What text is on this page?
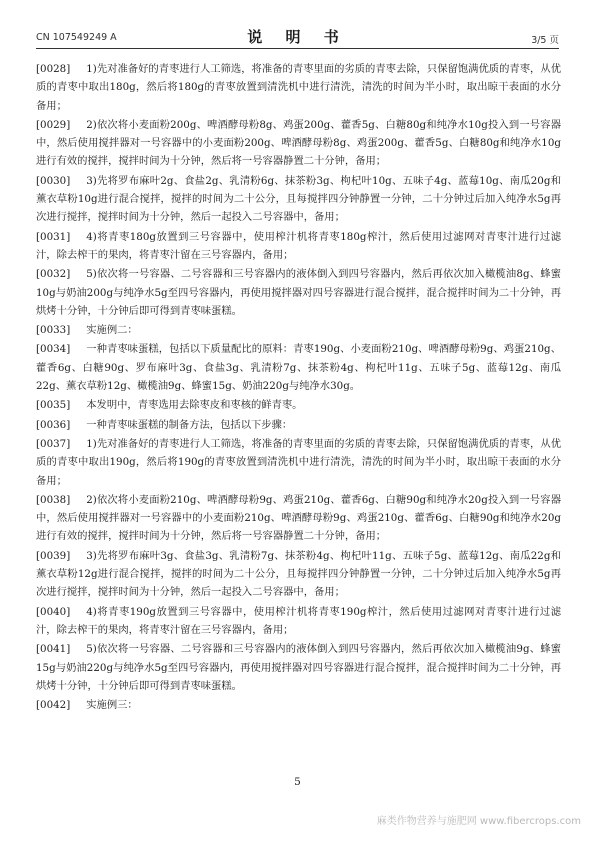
CN 107549249 A	说 明 书	3/5 页

[0028] 1)先对准备好的青枣进行人工筛选，将准备的青枣里面的劣质的青枣去除，只保留饱满优质的青枣，从优质的青枣中取出180g，然后将180g的青枣放置到清洗机中进行清洗，清洗的时间为半小时，取出晾干表面的水分备用；

[0029] 2)依次将小麦面粉200g、啤酒酵母粉8g、鸡蛋200g、藿香5g、白糖80g和纯净水10g投入到一号容器中，然后使用搅拌器对一号容器中的小麦面粉200g、啤酒酵母粉8g、鸡蛋200g、藿香5g、白糖80g和纯净水10g进行有效的搅拌，搅拌时间为十分钟，然后将一号容器静置二十分钟，备用；

[0030] 3)先将罗布麻叶2g、食盐2g、乳清粉6g、抹茶粉3g、枸杞叶10g、五味子4g、蓝莓10g、南瓜20g和薰衣草粉10g进行混合搅拌，搅拌的时间为二十公分，且每搅拌四分钟静置一分钟，二十分钟过后加入纯净水5g再次进行搅拌，搅拌时间为十分钟，然后一起投入二号容器中，备用；

[0031] 4)将青枣180g放置到三号容器中，使用榨汁机将青枣180g榨汁，然后使用过滤网对青枣汁进行过滤汁，除去榨干的果肉，将青枣汁留在三号容器内，备用；

[0032] 5)依次将一号容器、二号容器和三号容器内的液体倒入到四号容器内，然后再依次加入橄榄油8g、蜂蜜10g与奶油200g与纯净水5g至四号容器内，再使用搅拌器对四号容器进行混合搅拌，混合搅拌时间为二十分钟，再烘烤十分钟，十分钟后即可得到青枣味蛋糕。

[0033] 实施例二：

[0034] 一种青枣味蛋糕，包括以下质量配比的原料：青枣190g、小麦面粉210g、啤酒酵母粉9g、鸡蛋210g、藿香6g、白糖90g、罗布麻叶3g、食盐3g、乳清粉7g、抹茶粉4g、枸杞叶11g、五味子5g、蓝莓12g、南瓜22g、薰衣草粉12g、橄榄油9g、蜂蜜15g、奶油220g与纯净水30g。

[0035] 本发明中，青枣选用去除枣皮和枣核的鲜青枣。

[0036] 一种青枣味蛋糕的制备方法，包括以下步骤：

[0037] 1)先对准备好的青枣进行人工筛选，将准备的青枣里面的劣质的青枣去除，只保留饱满优质的青枣，从优质的青枣中取出190g，然后将190g的青枣放置到清洗机中进行清洗，清洗的时间为半小时，取出晾干表面的水分备用；

[0038] 2)依次将小麦面粉210g、啤酒酵母粉9g、鸡蛋210g、藿香6g、白糖90g和纯净水20g投入到一号容器中，然后使用搅拌器对一号容器中的小麦面粉210g、啤酒酵母粉9g、鸡蛋210g、藿香6g、白糖90g和纯净水20g进行有效的搅拌，搅拌时间为十分钟，然后将一号容器静置二十分钟，备用；

[0039] 3)先将罗布麻叶3g、食盐3g、乳清粉7g、抹茶粉4g、枸杞叶11g、五味子5g、蓝莓12g、南瓜22g和薰衣草粉12g进行混合搅拌，搅拌的时间为二十公分，且每搅拌四分钟静置一分钟，二十分钟过后加入纯净水5g再次进行搅拌，搅拌时间为十分钟，然后一起投入二号容器中，备用；

[0040] 4)将青枣190g放置到三号容器中，使用榨汁机将青枣190g榨汁，然后使用过滤网对青枣汁进行过滤汁，除去榨干的果肉，将青枣汁留在三号容器内，备用；

[0041] 5)依次将一号容器、二号容器和三号容器内的液体倒入到四号容器内，然后再依次加入橄榄油9g、蜂蜜15g与奶油220g与纯净水5g至四号容器内，再使用搅拌器对四号容器进行混合搅拌，混合搅拌时间为二十分钟，再烘烤十分钟，十分钟后即可得到青枣味蛋糕。

[0042] 实施例三：

5
麻类作物营养与施肥网 www.fibercrops.com
